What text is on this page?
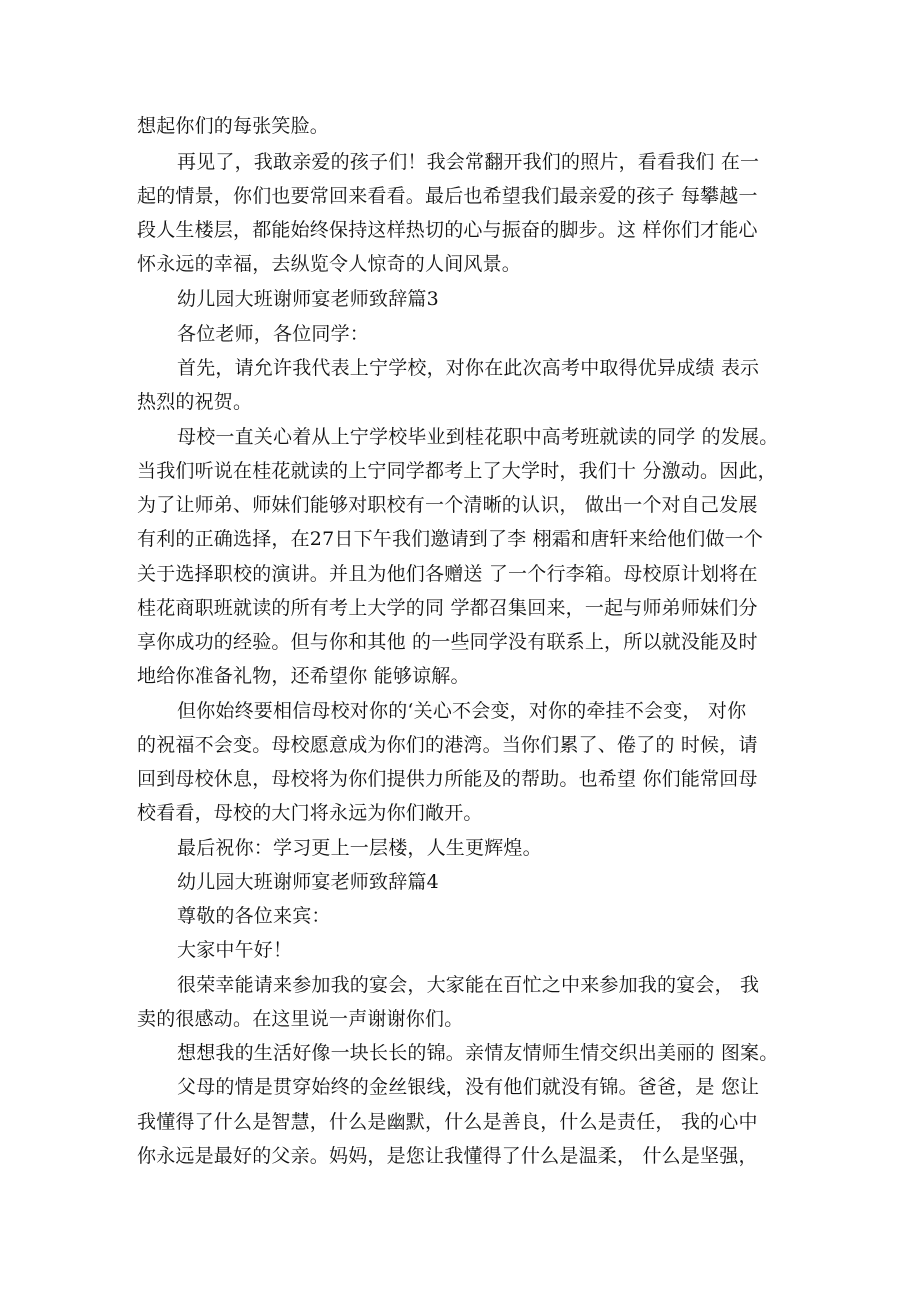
想起你们的每张笑脸。
再见了，我敢亲爱的孩子们！我会常翻开我们的照片，看看我们 在一
起的情景，你们也要常回来看看。最后也希望我们最亲爱的孩子 每攀越一
段人生楼层，都能始终保持这样热切的心与振奋的脚步。这 样你们才能心
怀永远的幸福，去纵览令人惊奇的人间风景。
幼儿园大班谢师宴老师致辞篇3
各位老师，各位同学：
首先，请允许我代表上宁学校，对你在此次高考中取得优异成绩 表示
热烈的祝贺。
母校一直关心着从上宁学校毕业到桂花职中高考班就读的同学 的发展。
当我们听说在桂花就读的上宁同学都考上了大学时，我们十 分激动。因此，
为了让师弟、师妹们能够对职校有一个清晰的认识， 做出一个对自己发展
有利的正确选择，在27日下午我们邀请到了李 栩霜和唐轩来给他们做一个
关于选择职校的演讲。并且为他们各赠送 了一个行李箱。母校原计划将在
桂花商职班就读的所有考上大学的同 学都召集回来，一起与师弟师妹们分
享你成功的经验。但与你和其他 的一些同学没有联系上，所以就没能及时
地给你准备礼物，还希望你 能够谅解。
但你始终要相信母校对你的‘关心不会变，对你的牵挂不会变， 对你
的祝福不会变。母校愿意成为你们的港湾。当你们累了、倦了的 时候，请
回到母校休息，母校将为你们提供力所能及的帮助。也希望 你们能常回母
校看看，母校的大门将永远为你们敞开。
最后祝你：学习更上一层楼，人生更辉煌。
幼儿园大班谢师宴老师致辞篇4
尊敬的各位来宾：
大家中午好！
很荣幸能请来参加我的宴会，大家能在百忙之中来参加我的宴会， 我
卖的很感动。在这里说一声谢谢你们。
想想我的生活好像一块长长的锦。亲情友情师生情交织出美丽的 图案。
父母的情是贯穿始终的金丝银线，没有他们就没有锦。爸爸，是 您让
我懂得了什么是智慧，什么是幽默，什么是善良，什么是责任， 我的心中
你永远是最好的父亲。妈妈，是您让我懂得了什么是温柔， 什么是坚强，
